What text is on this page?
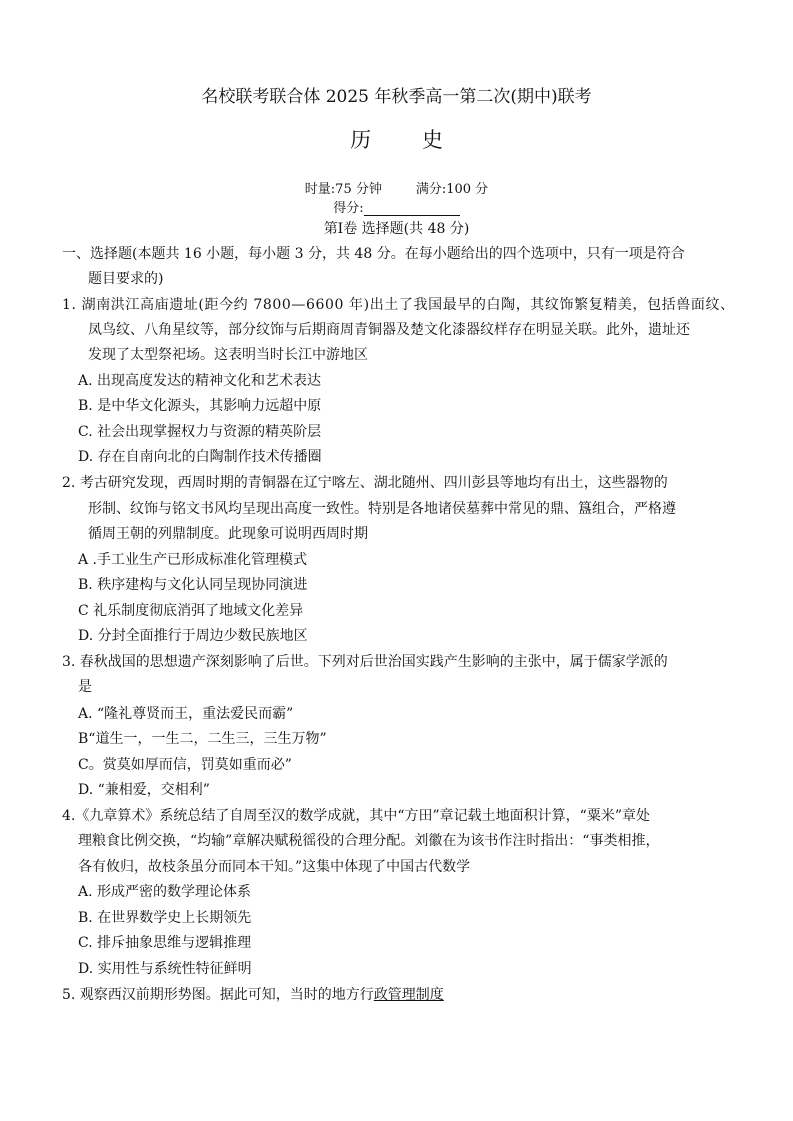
名校联考联合体 2025 年秋季高一第二次(期中)联考
历 史
时量:75 分钟	满分:100 分
得分:
第Ⅰ卷 选择题(共 48 分)
一、选择题(本题共 16 小题，每小题 3 分，共 48 分。在每小题给出的四个选项中，只有一项是符合
题目要求的)
1. 湖南洪江高庙遗址(距今约 7800—6600 年)出土了我国最早的白陶，其纹饰繁复精美，包括兽面纹、
凤鸟纹、八角星纹等，部分纹饰与后期商周青铜器及楚文化漆器纹样存在明显关联。此外，遗址还
发现了太型祭祀场。这表明当时长江中游地区
A. 出现高度发达的精神文化和艺术表达
B. 是中华文化源头，其影响力远超中原
C. 社会出现掌握权力与资源的精英阶层
D. 存在自南向北的白陶制作技术传播圈
2. 考古研究发现，西周时期的青铜器在辽宁喀左、湖北随州、四川彭县等地均有出土，这些器物的
形制、纹饰与铭文书风均呈现出高度一致性。特别是各地诸侯墓葬中常见的鼎、簋组合，严格遵
循周王朝的列鼎制度。此现象可说明西周时期
A .手工业生产已形成标准化管理模式
B. 秩序建构与文化认同呈现协同演进
C 礼乐制度彻底消弭了地域文化差异
D. 分封全面推行于周边少数民族地区
3. 春秋战国的思想遗产深刻影响了后世。下列对后世治国实践产生影响的主张中，属于儒家学派的
是
A. “隆礼尊贤而王，重法爱民而霸”
B“道生一，一生二，二生三，三生万物”
C。赏莫如厚而信，罚莫如重而必”
D. “兼相爱，交相利”
4.《九章算术》系统总结了自周至汉的数学成就，其中“方田”章记载土地面积计算，“粟米”章处
理粮食比例交换，“均输”章解决赋税徭役的合理分配。刘徽在为该书作注时指出：“事类相推，
各有攸归，故枝条虽分而同本干知。”这集中体现了中国古代数学
A. 形成严密的数学理论体系
B. 在世界数学史上长期领先
C. 排斥抽象思维与逻辑推理
D. 实用性与系统性特征鲜明
5. 观察西汉前期形势图。据此可知，当时的地方行政管理制度
